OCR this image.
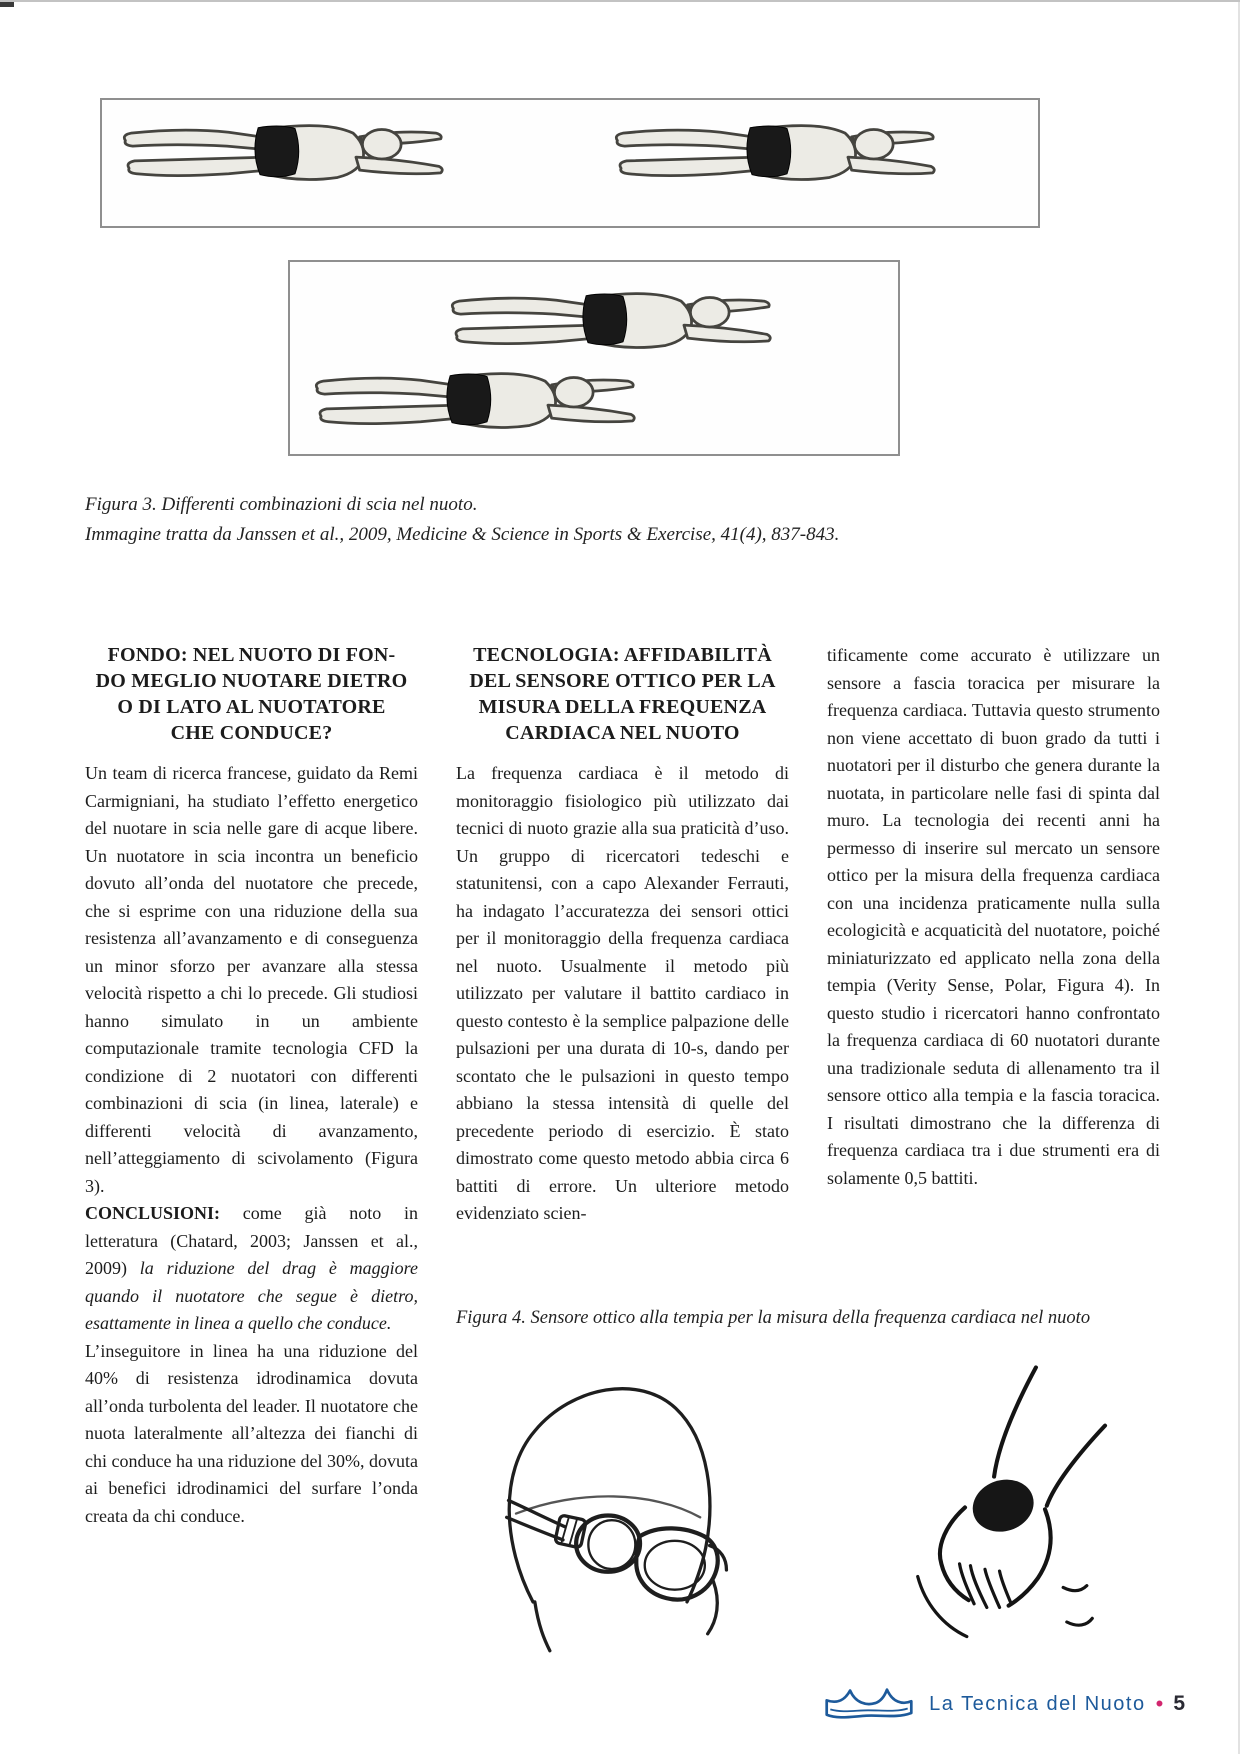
Figura 3. Differenti combinazioni di scia nel nuoto.
Immagine tratta da Janssen et al., 2009, Medicine & Science in Sports & Exercise, 41(4), 837-843.
FONDO: NEL NUOTO DI FON-
DO MEGLIO NUOTARE DIETRO
O DI LATO AL NUOTATORE
CHE CONDUCE?

Un team di ricerca francese, guidato da Remi Carmigniani, ha studiato l’effetto energetico del nuotare in scia nelle gare di acque libere. Un nuotatore in scia incontra un beneficio dovuto all’onda del nuotatore che precede, che si esprime con una riduzione della sua resistenza all’avanzamento e di conseguenza un minor sforzo per avanzare alla stessa velocità rispetto a chi lo precede. Gli studiosi hanno simulato in un ambiente computazionale tramite tecnologia CFD la condizione di 2 nuotatori con differenti combinazioni di scia (in linea, laterale) e differenti velocità di avanzamento, nell’atteggiamento di scivolamento (Figura 3).

CONCLUSIONI: come già noto in letteratura (Chatard, 2003; Janssen et al., 2009) la riduzione del drag è maggiore quando il nuotatore che segue è dietro, esattamente in linea a quello che conduce.

L’inseguitore in linea ha una riduzione del 40% di resistenza idrodinamica dovuta all’onda turbolenta del leader. Il nuotatore che nuota lateralmente all’altezza dei fianchi di chi conduce ha una riduzione del 30%, dovuta ai benefici idrodinamici del surfare l’onda creata da chi conduce.

TECNOLOGIA: AFFIDABILITÀ
DEL SENSORE OTTICO PER LA
MISURA DELLA FREQUENZA
CARDIACA NEL NUOTO

La frequenza cardiaca è il metodo di monitoraggio fisiologico più utilizzato dai tecnici di nuoto grazie alla sua praticità d’uso. Un gruppo di ricercatori tedeschi e statunitensi, con a capo Alexander Ferrauti, ha indagato l’accuratezza dei sensori ottici per il monitoraggio della frequenza cardiaca nel nuoto. Usualmente il metodo più utilizzato per valutare il battito cardiaco in questo contesto è la semplice palpazione delle pulsazioni per una durata di 10-s, dando per scontato che le pulsazioni in questo tempo abbiano la stessa intensità di quelle del precedente periodo di esercizio. È stato dimostrato come questo metodo abbia circa 6 battiti di errore. Un ulteriore metodo evidenziato scien-

tificamente come accurato è utilizzare un sensore a fascia toracica per misurare la frequenza cardiaca. Tuttavia questo strumento non viene accettato di buon grado da tutti i nuotatori per il disturbo che genera durante la nuotata, in particolare nelle fasi di spinta dal muro. La tecnologia dei recenti anni ha permesso di inserire sul mercato un sensore ottico per la misura della frequenza cardiaca con una incidenza praticamente nulla sulla ecologicità e acquaticità del nuotatore, poiché miniaturizzato ed applicato nella zona della tempia (Verity Sense, Polar, Figura 4). In questo studio i ricercatori hanno confrontato la frequenza cardiaca di 60 nuotatori durante una tradizionale seduta di allenamento tra il sensore ottico alla tempia e la fascia toracica. I risultati dimostrano che la differenza di frequenza cardiaca tra i due strumenti era di solamente 0,5 battiti.

Figura 4. Sensore ottico alla tempia per la misura della frequenza cardiaca nel nuoto
La Tecnica del Nuoto • 5
